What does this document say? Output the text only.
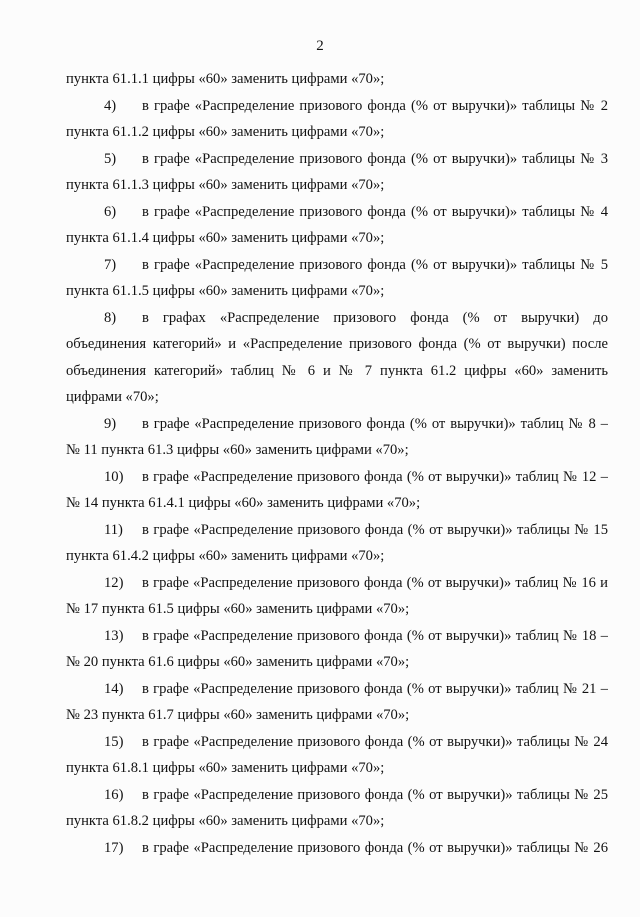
2
пункта 61.1.1 цифры «60» заменить цифрами «70»;
4) в графе «Распределение призового фонда (% от выручки)» таблицы № 2
пункта 61.1.2 цифры «60» заменить цифрами «70»;
5) в графе «Распределение призового фонда (% от выручки)» таблицы № 3
пункта 61.1.3 цифры «60» заменить цифрами «70»;
6) в графе «Распределение призового фонда (% от выручки)» таблицы № 4
пункта 61.1.4 цифры «60» заменить цифрами «70»;
7) в графе «Распределение призового фонда (% от выручки)» таблицы № 5
пункта 61.1.5 цифры «60» заменить цифрами «70»;
8) в графах «Распределение призового фонда (% от выручки) до
объединения категорий» и «Распределение призового фонда (% от выручки) после
объединения категорий» таблиц № 6 и № 7 пункта 61.2 цифры «60» заменить
цифрами «70»;
9) в графе «Распределение призового фонда (% от выручки)» таблиц № 8 –
№ 11 пункта 61.3 цифры «60» заменить цифрами «70»;
10) в графе «Распределение призового фонда (% от выручки)» таблиц № 12 –
№ 14 пункта 61.4.1 цифры «60» заменить цифрами «70»;
11) в графе «Распределение призового фонда (% от выручки)» таблицы № 15
пункта 61.4.2 цифры «60» заменить цифрами «70»;
12) в графе «Распределение призового фонда (% от выручки)» таблиц № 16 и
№ 17 пункта 61.5 цифры «60» заменить цифрами «70»;
13) в графе «Распределение призового фонда (% от выручки)» таблиц № 18 –
№ 20 пункта 61.6 цифры «60» заменить цифрами «70»;
14) в графе «Распределение призового фонда (% от выручки)» таблиц № 21 –
№ 23 пункта 61.7 цифры «60» заменить цифрами «70»;
15) в графе «Распределение призового фонда (% от выручки)» таблицы № 24
пункта 61.8.1 цифры «60» заменить цифрами «70»;
16) в графе «Распределение призового фонда (% от выручки)» таблицы № 25
пункта 61.8.2 цифры «60» заменить цифрами «70»;
17) в графе «Распределение призового фонда (% от выручки)» таблицы № 26
